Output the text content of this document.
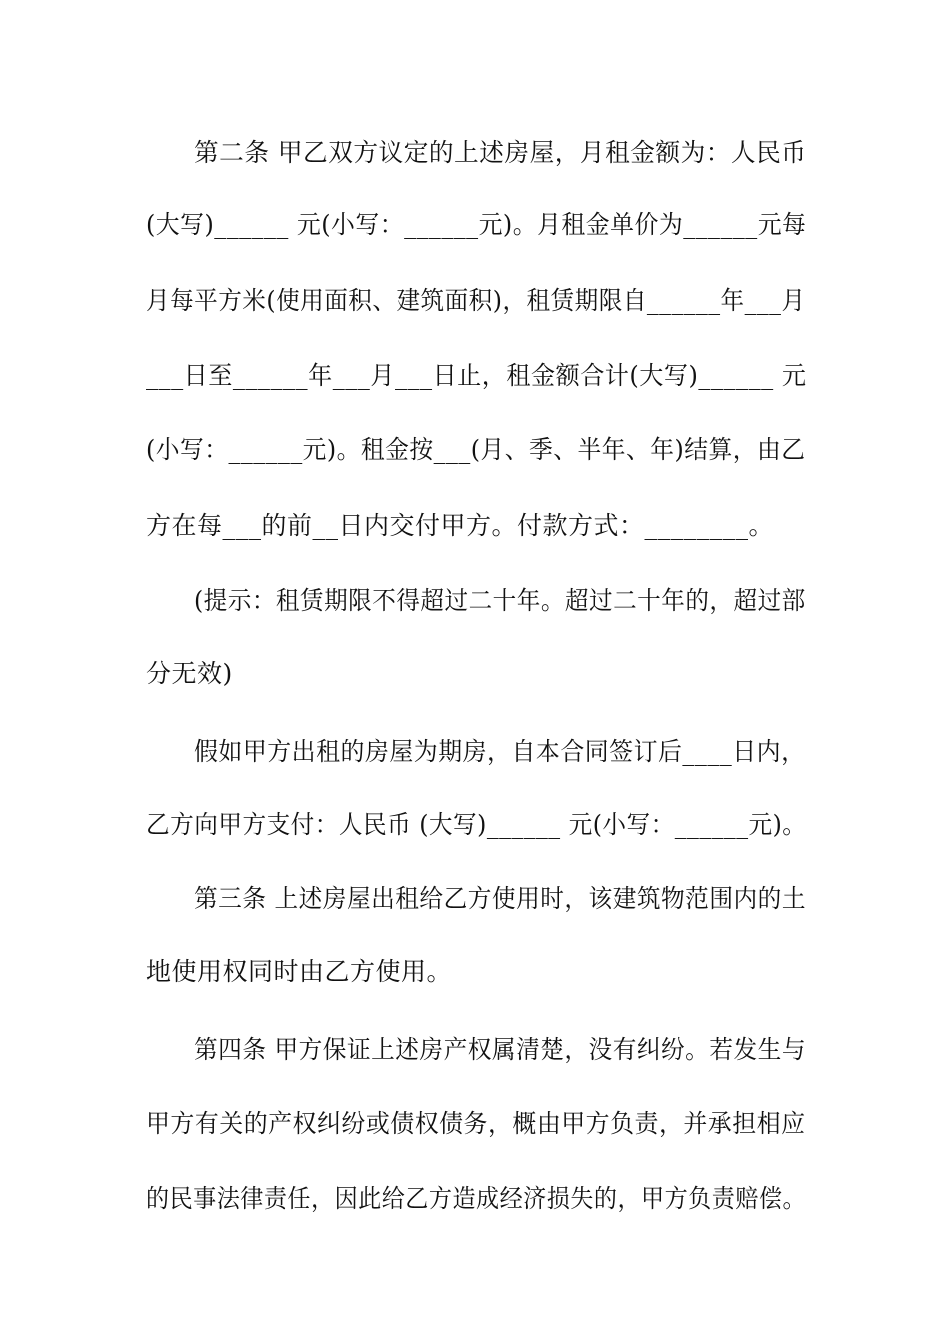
第二条 甲乙双方议定的上述房屋，月租金额为：人民币
(大写)______ 元(小写：______元)。月租金单价为______元每
月每平方米(使用面积、建筑面积)，租赁期限自______年___月
___日至______年___月___日止，租金额合计(大写)______ 元
(小写：______元)。租金按___(月、季、半年、年)结算，由乙
方在每___的前__日内交付甲方。付款方式：________。
(提示：租赁期限不得超过二十年。超过二十年的，超过部
分无效)
假如甲方出租的房屋为期房，自本合同签订后____日内，
乙方向甲方支付：人民币 (大写)______ 元(小写：______元)。
第三条 上述房屋出租给乙方使用时，该建筑物范围内的土
地使用权同时由乙方使用。
第四条 甲方保证上述房产权属清楚，没有纠纷。若发生与
甲方有关的产权纠纷或债权债务，概由甲方负责，并承担相应
的民事法律责任，因此给乙方造成经济损失的，甲方负责赔偿。
